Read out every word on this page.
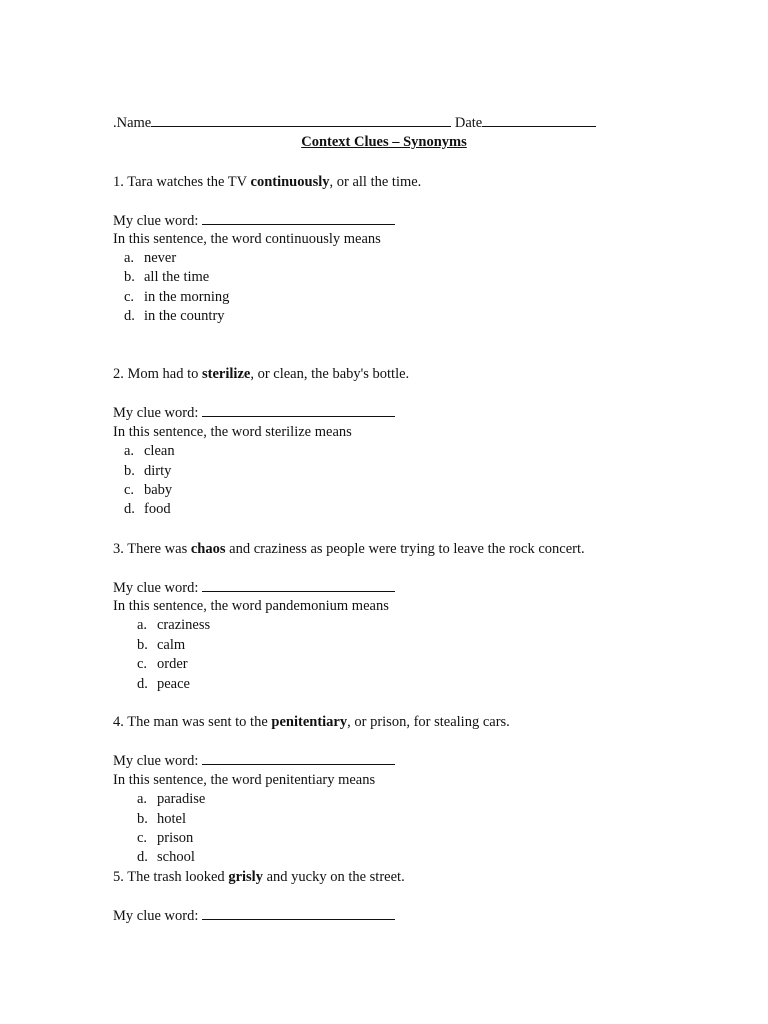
.Name	Date

Context Clues – Synonyms
1. Tara watches the TV continuously, or all the time.
My clue word:
In this sentence, the word continuously means
a. never
b. all the time
c. in the morning
d. in the country
2. Mom had to sterilize, or clean, the baby's bottle.
My clue word:
In this sentence, the word sterilize means
a. clean
b. dirty
c. baby
d. food
3. There was chaos and craziness as people were trying to leave the rock concert.
My clue word:
In this sentence, the word pandemonium means
a. craziness
b. calm
c. order
d. peace
4. The man was sent to the penitentiary, or prison, for stealing cars.
My clue word:
In this sentence, the word penitentiary means
a. paradise
b. hotel
c. prison
d. school
5. The trash looked grisly and yucky on the street.
My clue word:
